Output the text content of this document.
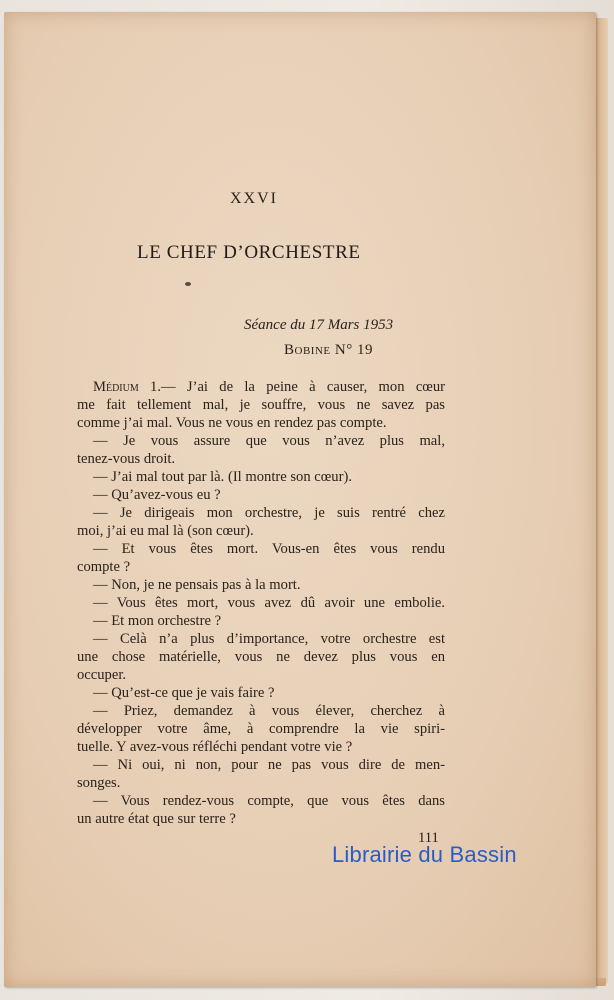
XXVI
LE CHEF D’ORCHESTRE
Séance du 17 Mars 1953
Bobine N° 19
Médium 1.— J’ai de la peine à causer, mon cœur
me fait tellement mal, je souffre, vous ne savez pas
comme j’ai mal. Vous ne vous en rendez pas compte.
— Je vous assure que vous n’avez plus mal,
tenez-vous droit.
— J’ai mal tout par là. (Il montre son cœur).
— Qu’avez-vous eu ?
— Je dirigeais mon orchestre, je suis rentré chez
moi, j’ai eu mal là (son cœur).
— Et vous êtes mort. Vous-en êtes vous rendu
compte ?
— Non, je ne pensais pas à la mort.
— Vous êtes mort, vous avez dû avoir une embolie.
— Et mon orchestre ?
— Celà n’a plus d’importance, votre orchestre est
une chose matérielle, vous ne devez plus vous en
occuper.
— Qu’est-ce que je vais faire ?
— Priez, demandez à vous élever, cherchez à
développer votre âme, à comprendre la vie spiri-
tuelle. Y avez-vous réfléchi pendant votre vie ?
— Ni oui, ni non, pour ne pas vous dire de men-
songes.
— Vous rendez-vous compte, que vous êtes dans
un autre état que sur terre ?
111
Librairie du Bassin
